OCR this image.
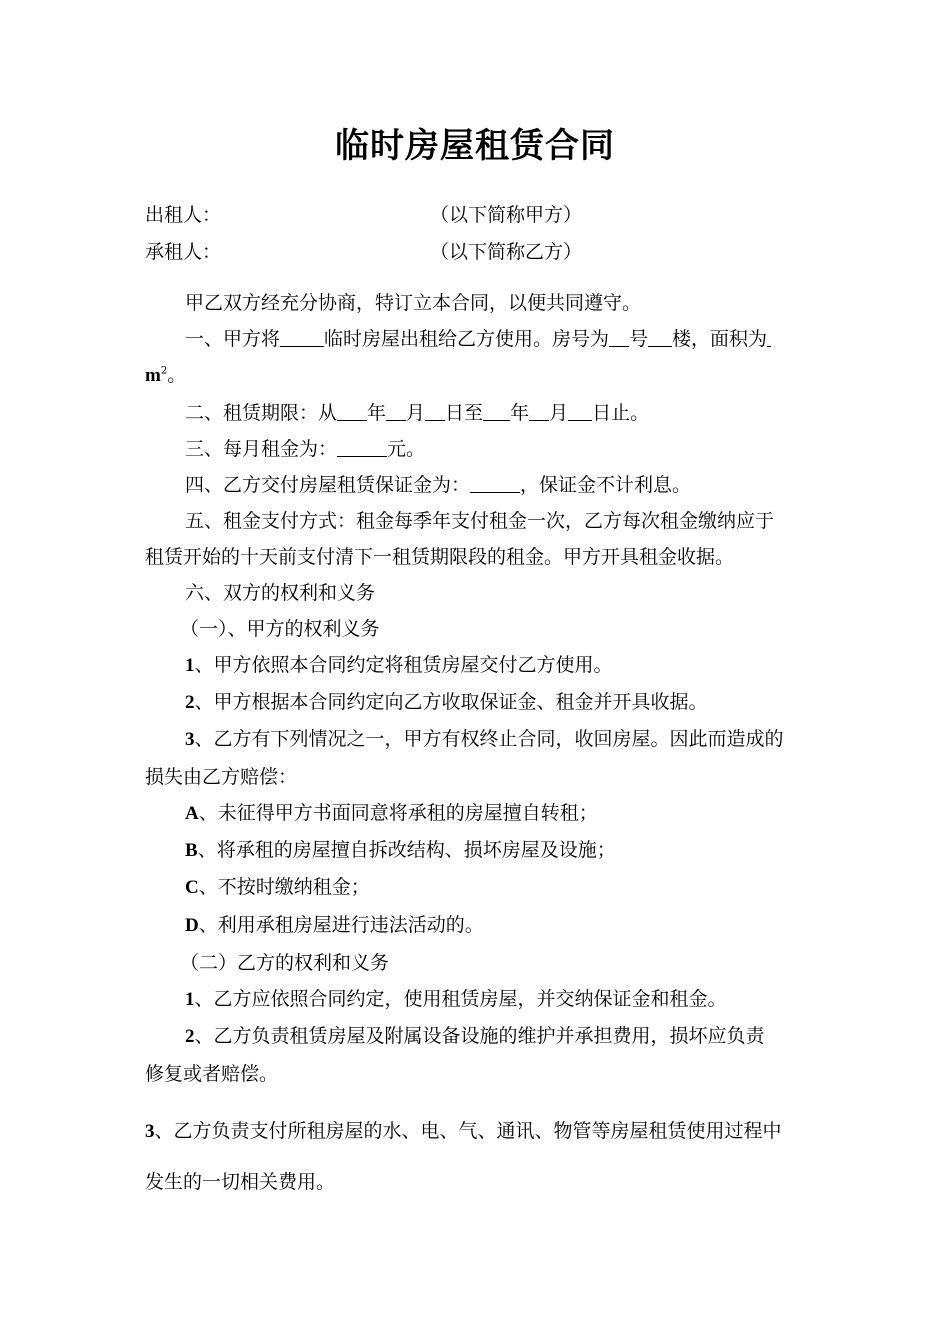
临时房屋租赁合同
出租人：	（以下简称甲方）
承租人：	（以下简称乙方）
甲乙双方经充分协商，特订立本合同，以便共同遵守。
一、甲方将 临时房屋出租给乙方使用。房号为 号 楼，面积为
$m^2$。
二、租赁期限：从 年 月 日至 年 月 日止。
三、每月租金为：	元。
四、乙方交付房屋租赁保证金为：	，保证金不计利息。
五、租金支付方式：租金每季年支付租金一次，乙方每次租金缴纳应于
租赁开始的十天前支付清下一租赁期限段的租金。甲方开具租金收据。
六、双方的权利和义务
（一）、甲方的权利义务
1、甲方依照本合同约定将租赁房屋交付乙方使用。
2、甲方根据本合同约定向乙方收取保证金、租金并开具收据。
3、乙方有下列情况之一，甲方有权终止合同，收回房屋。因此而造成的
损失由乙方赔偿：
A、未征得甲方书面同意将承租的房屋擅自转租；
B、将承租的房屋擅自拆改结构、损坏房屋及设施；
C、不按时缴纳租金；
D、利用承租房屋进行违法活动的。
（二）乙方的权利和义务
1、乙方应依照合同约定，使用租赁房屋，并交纳保证金和租金。
2、乙方负责租赁房屋及附属设备设施的维护并承担费用，损坏应负责
修复或者赔偿。
3、乙方负责支付所租房屋的水、电、气、通讯、物管等房屋租赁使用过程中
发生的一切相关费用。
